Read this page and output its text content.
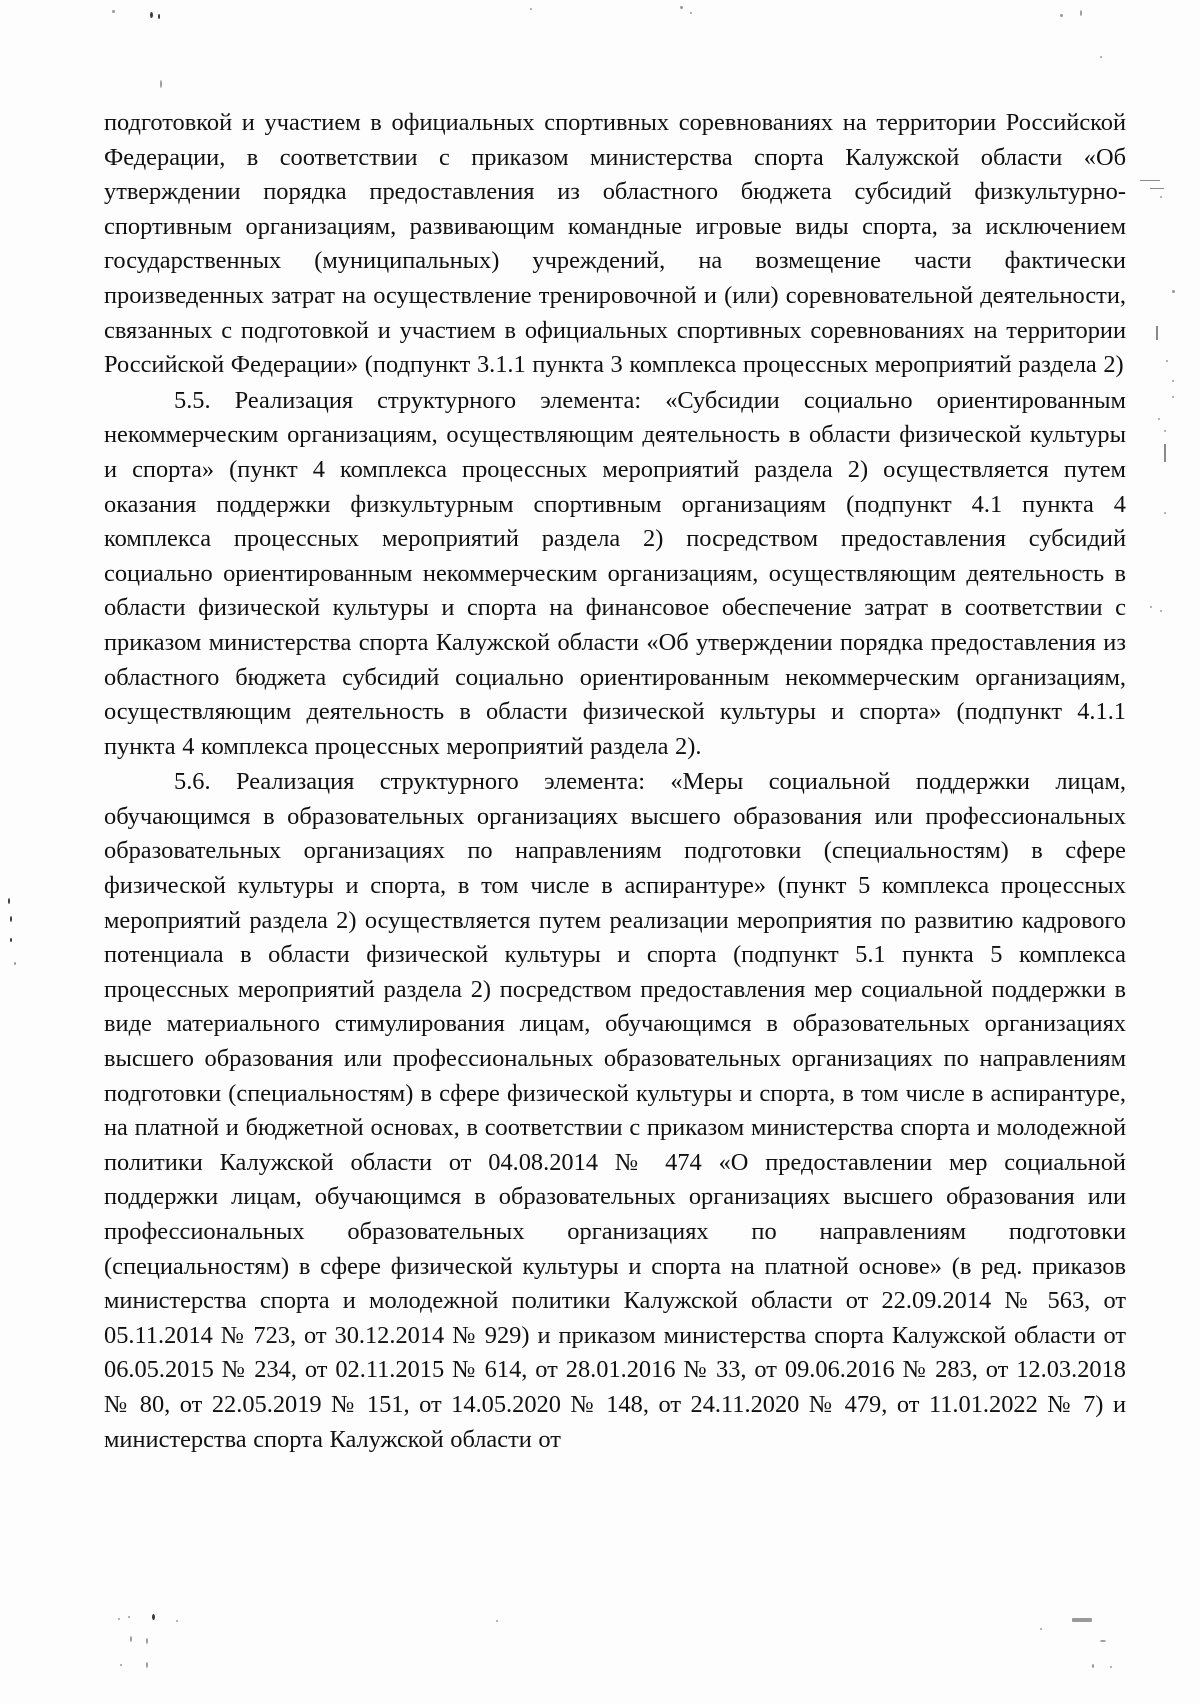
подготовкой и участием в официальных спортивных соревнованиях на территории Российской Федерации, в соответствии с приказом министерства спорта Калужской области «Об утверждении порядка предоставления из областного бюджета субсидий физкультурно-спортивным организациям, развивающим командные игровые виды спорта, за исключением государственных (муниципальных) учреждений, на возмещение части фактически произведенных затрат на осуществление тренировочной и (или) соревновательной деятельности, связанных с подготовкой и участием в официальных спортивных соревнованиях на территории Российской Федерации» (подпункт 3.1.1 пункта 3 комплекса процессных мероприятий раздела 2)

5.5. Реализация структурного элемента: «Субсидии социально ориентированным некоммерческим организациям, осуществляющим деятельность в области физической культуры и спорта» (пункт 4 комплекса процессных мероприятий раздела 2) осуществляется путем оказания поддержки физкультурным спортивным организациям (подпункт 4.1 пункта 4 комплекса процессных мероприятий раздела 2) посредством предоставления субсидий социально ориентированным некоммерческим организациям, осуществляющим деятельность в области физической культуры и спорта на финансовое обеспечение затрат в соответствии с приказом министерства спорта Калужской области «Об утверждении порядка предоставления из областного бюджета субсидий социально ориентированным некоммерческим организациям, осуществляющим деятельность в области физической культуры и спорта» (подпункт 4.1.1 пункта 4 комплекса процессных мероприятий раздела 2).

5.6. Реализация структурного элемента: «Меры социальной поддержки лицам, обучающимся в образовательных организациях высшего образования или профессиональных образовательных организациях по направлениям подготовки (специальностям) в сфере физической культуры и спорта, в том числе в аспирантуре» (пункт 5 комплекса процессных мероприятий раздела 2) осуществляется путем реализации мероприятия по развитию кадрового потенциала в области физической культуры и спорта (подпункт 5.1 пункта 5 комплекса процессных мероприятий раздела 2) посредством предоставления мер социальной поддержки в виде материального стимулирования лицам, обучающимся в образовательных организациях высшего образования или профессиональных образовательных организациях по направлениям подготовки (специальностям) в сфере физической культуры и спорта, в том числе в аспирантуре, на платной и бюджетной основах, в соответствии с приказом министерства спорта и молодежной политики Калужской области от 04.08.2014 № 474 «О предоставлении мер социальной поддержки лицам, обучающимся в образовательных организациях высшего образования или профессиональных образовательных организациях по направлениям подготовки (специальностям) в сфере физической культуры и спорта на платной основе» (в ред. приказов министерства спорта и молодежной политики Калужской области от 22.09.2014 № 563, от 05.11.2014 № 723, от 30.12.2014 № 929) и приказом министерства спорта Калужской области от 06.05.2015 № 234, от 02.11.2015 № 614, от 28.01.2016 № 33, от 09.06.2016 № 283, от 12.03.2018 № 80, от 22.05.2019 № 151, от 14.05.2020 № 148, от 24.11.2020 № 479, от 11.01.2022 № 7) и министерства спорта Калужской области от
